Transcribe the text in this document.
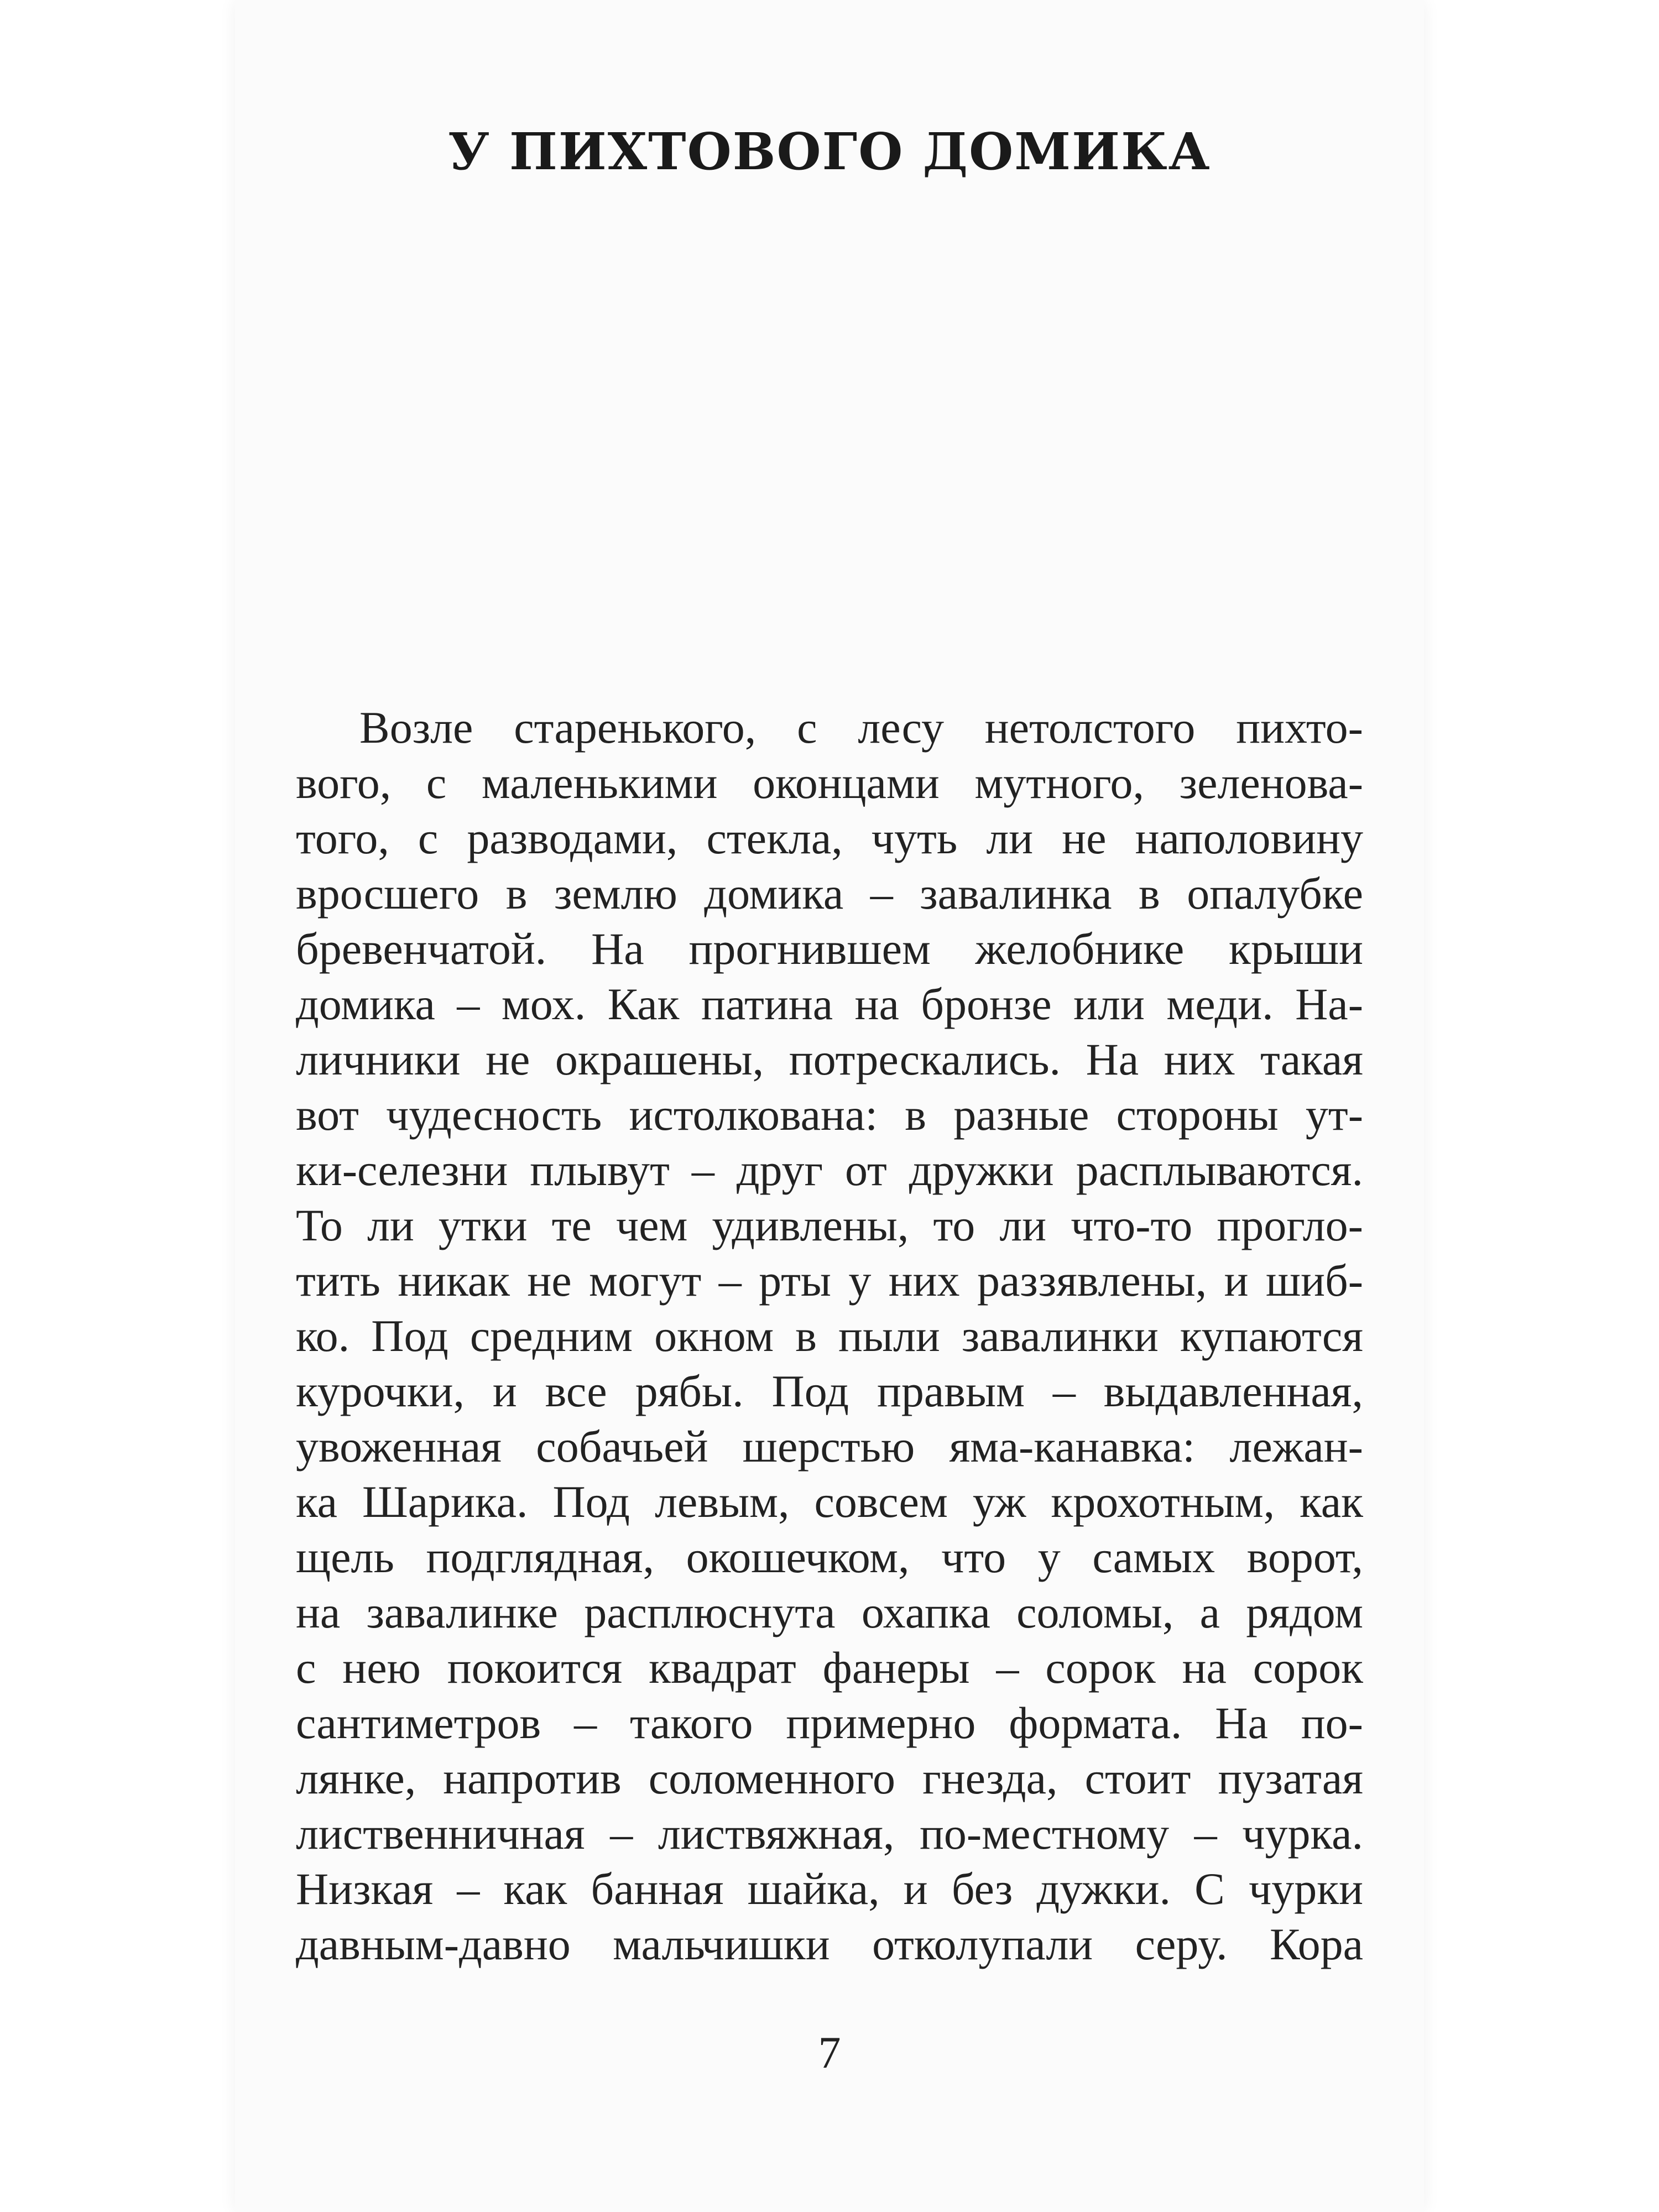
У ПИХТОВОГО ДОМИКА
Возле старенького, с лесу нетолстого пихто-
вого, с маленькими оконцами мутного, зеленова-
того, с разводами, стекла, чуть ли не наполовину
вросшего в землю домика – завалинка в опалубке
бревенчатой. На прогнившем желобнике крыши
домика – мох. Как патина на бронзе или меди. На-
личники не окрашены, потрескались. На них такая
вот чудесность истолкована: в разные стороны ут-
ки-селезни плывут – друг от дружки расплываются.
То ли утки те чем удивлены, то ли что-то прогло-
тить никак не могут – рты у них раззявлены, и шиб-
ко. Под средним окном в пыли завалинки купаются
курочки, и все рябы. Под правым – выдавленная,
увоженная собачьей шерстью яма-канавка: лежан-
ка Шарика. Под левым, совсем уж крохотным, как
щель подглядная, окошечком, что у самых ворот,
на завалинке расплюснута охапка соломы, а рядом
с нею покоится квадрат фанеры – сорок на сорок
сантиметров – такого примерно формата. На по-
лянке, напротив соломенного гнезда, стоит пузатая
лиственничная – листвяжная, по-местному – чурка.
Низкая – как банная шайка, и без дужки. С чурки
давным-давно мальчишки отколупали серу. Кора
7
